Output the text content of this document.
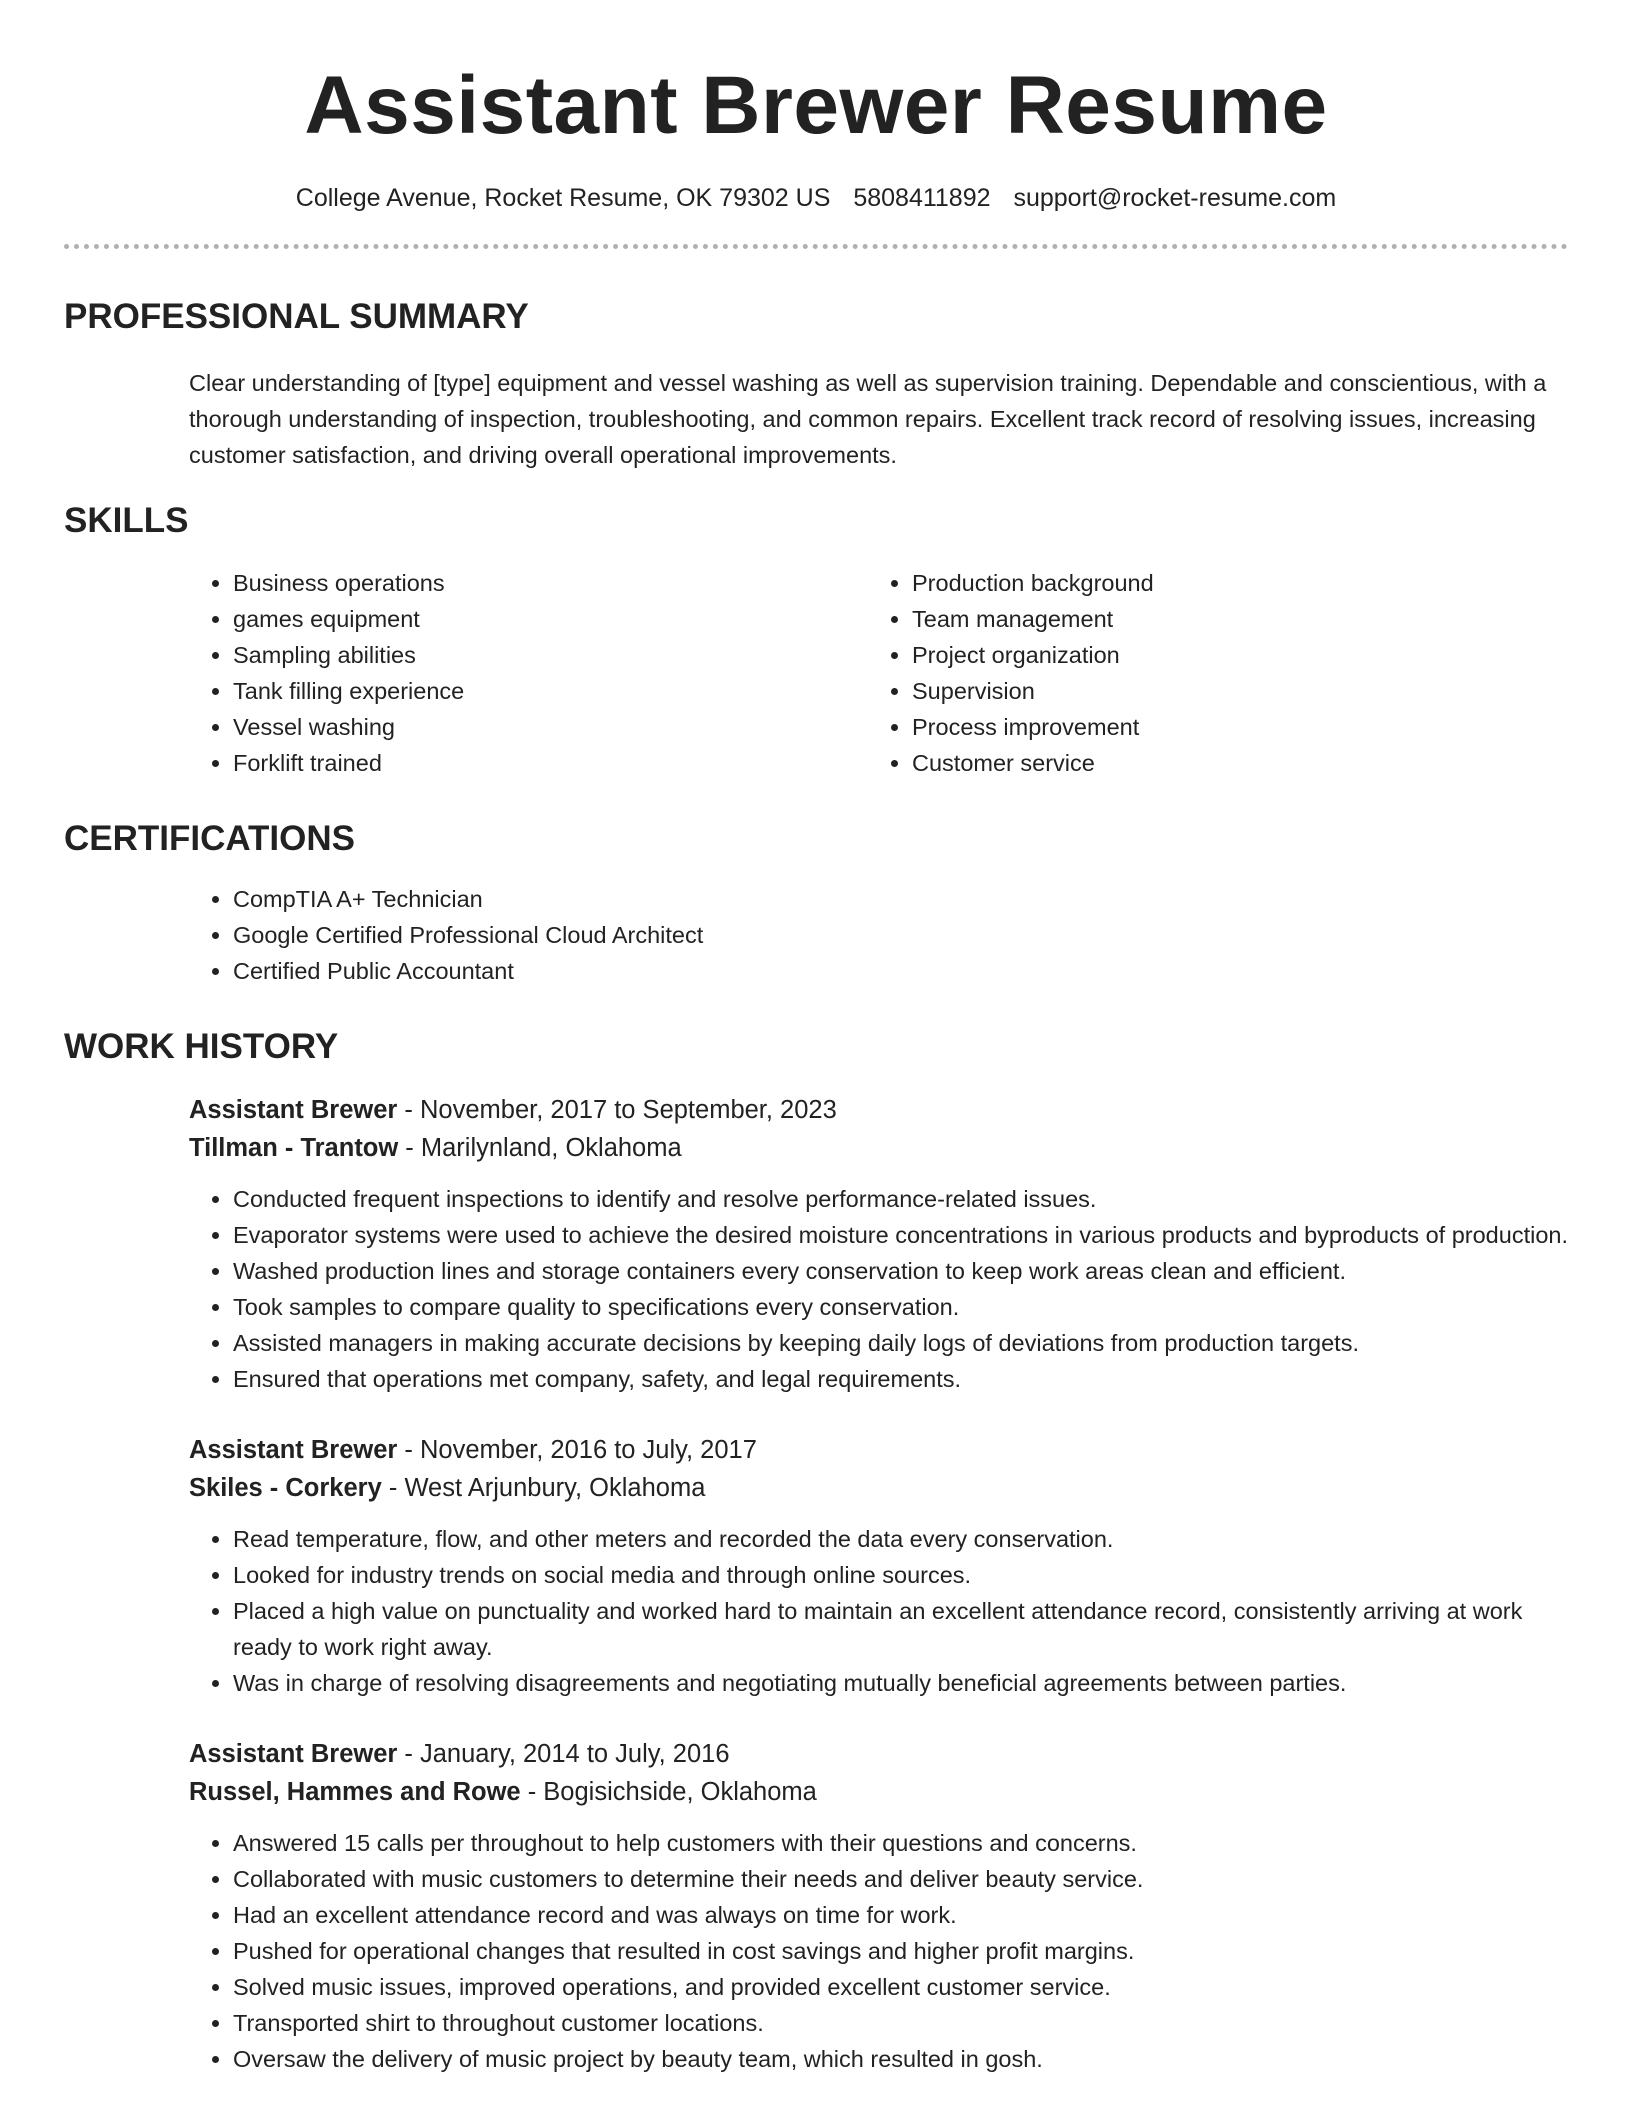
Assistant Brewer Resume
College Avenue, Rocket Resume, OK 79302 US 5808411892 support@rocket-resume.com
PROFESSIONAL SUMMARY

Clear understanding of [type] equipment and vessel washing as well as supervision training. Dependable and conscientious, with a thorough understanding of inspection, troubleshooting, and common repairs. Excellent track record of resolving issues, increasing customer satisfaction, and driving overall operational improvements.

SKILLS
• Business operations
• games equipment
• Sampling abilities
• Tank filling experience
• Vessel washing
• Forklift trained
• Production background
• Team management
• Project organization
• Supervision
• Process improvement
• Customer service
CERTIFICATIONS
• CompTIA A+ Technician
• Google Certified Professional Cloud Architect
• Certified Public Accountant
WORK HISTORY
Assistant Brewer - November, 2017 to September, 2023
Tillman - Trantow - Marilynland, Oklahoma
• Conducted frequent inspections to identify and resolve performance-related issues.
• Evaporator systems were used to achieve the desired moisture concentrations in various products and byproducts of production.
• Washed production lines and storage containers every conservation to keep work areas clean and efficient.
• Took samples to compare quality to specifications every conservation.
• Assisted managers in making accurate decisions by keeping daily logs of deviations from production targets.
• Ensured that operations met company, safety, and legal requirements.
Assistant Brewer - November, 2016 to July, 2017
Skiles - Corkery - West Arjunbury, Oklahoma
• Read temperature, flow, and other meters and recorded the data every conservation.
• Looked for industry trends on social media and through online sources.
• Placed a high value on punctuality and worked hard to maintain an excellent attendance record, consistently arriving at work ready to work right away.
• Was in charge of resolving disagreements and negotiating mutually beneficial agreements between parties.
Assistant Brewer - January, 2014 to July, 2016
Russel, Hammes and Rowe - Bogisichside, Oklahoma
• Answered 15 calls per throughout to help customers with their questions and concerns.
• Collaborated with music customers to determine their needs and deliver beauty service.
• Had an excellent attendance record and was always on time for work.
• Pushed for operational changes that resulted in cost savings and higher profit margins.
• Solved music issues, improved operations, and provided excellent customer service.
• Transported shirt to throughout customer locations.
• Oversaw the delivery of music project by beauty team, which resulted in gosh.
